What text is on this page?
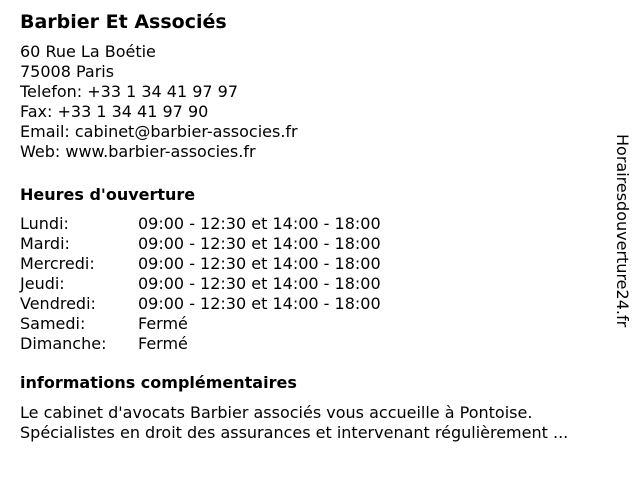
Barbier Et Associés
60 Rue La Boétie
75008 Paris
Telefon: +33 1 34 41 97 97
Fax: +33 1 34 41 97 90
Email: cabinet@barbier-associes.fr
Web: www.barbier-associes.fr
Heures d'ouverture
Lundi:	09:00 - 12:30 et 14:00 - 18:00
Mardi:	09:00 - 12:30 et 14:00 - 18:00
Mercredi:	09:00 - 12:30 et 14:00 - 18:00
Jeudi:	09:00 - 12:30 et 14:00 - 18:00
Vendredi:	09:00 - 12:30 et 14:00 - 18:00
Samedi:	Fermé
Dimanche:	Fermé
informations complémentaires
Le cabinet d'avocats Barbier associés vous accueille à Pontoise.
Spécialistes en droit des assurances et intervenant régulièrement ...
Horairesdouverture24.fr
